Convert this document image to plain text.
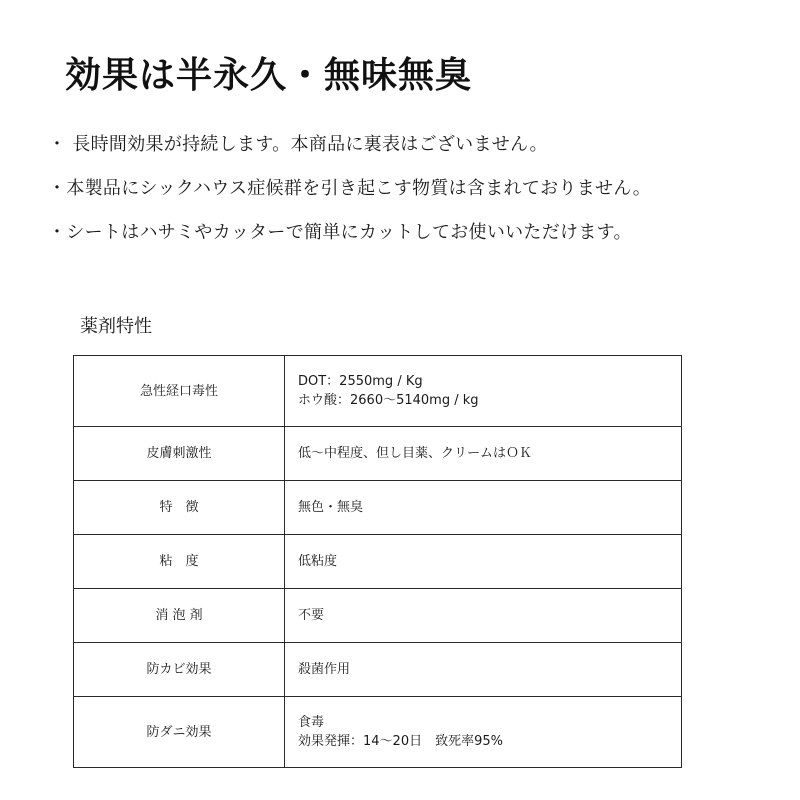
効果は半永久・無味無臭
・ 長時間効果が持続します。本商品に裏表はございません。
・本製品にシックハウス症候群を引き起こす物質は含まれておりません。
・シートはハサミやカッターで簡単にカットしてお使いいただけます。
薬剤特性
急性経口毒性	DOT：2550mg / Kg
ホウ酸：2660〜5140mg / kg

皮膚刺激性	低〜中程度、但し目薬、クリームはＯＫ

特　徴	無色・無臭

粘　度	低粘度

消 泡 剤	不要

防カビ効果	殺菌作用

防ダニ効果	食毒
効果発揮：14〜20日　致死率95%
